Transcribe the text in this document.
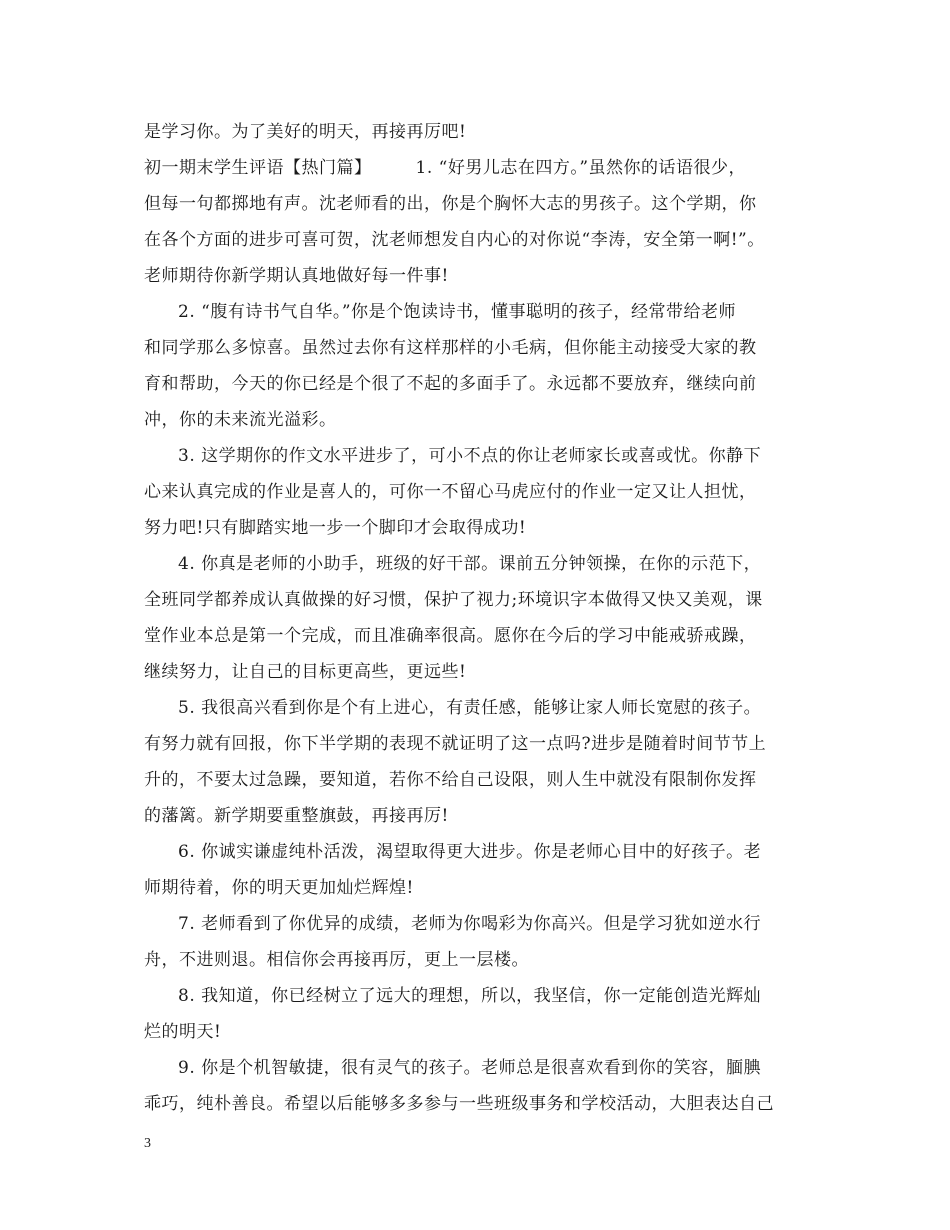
是学习你。为了美好的明天，再接再厉吧!
初一期末学生评语【热门篇】	1. “好男儿志在四方。”虽然你的话语很少，
但每一句都掷地有声。沈老师看的出，你是个胸怀大志的男孩子。这个学期，你
在各个方面的进步可喜可贺，沈老师想发自内心的对你说“李涛，安全第一啊!”。
老师期待你新学期认真地做好每一件事!
2. “腹有诗书气自华。”你是个饱读诗书，懂事聪明的孩子，经常带给老师
和同学那么多惊喜。虽然过去你有这样那样的小毛病，但你能主动接受大家的教
育和帮助，今天的你已经是个很了不起的多面手了。永远都不要放弃，继续向前
冲，你的未来流光溢彩。
3. 这学期你的作文水平进步了，可小不点的你让老师家长或喜或忧。你静下
心来认真完成的作业是喜人的，可你一不留心马虎应付的作业一定又让人担忧，
努力吧!只有脚踏实地一步一个脚印才会取得成功!
4. 你真是老师的小助手，班级的好干部。课前五分钟领操，在你的示范下，
全班同学都养成认真做操的好习惯，保护了视力;环境识字本做得又快又美观，课
堂作业本总是第一个完成，而且准确率很高。愿你在今后的学习中能戒骄戒躁，
继续努力，让自己的目标更高些，更远些!
5. 我很高兴看到你是个有上进心，有责任感，能够让家人师长宽慰的孩子。
有努力就有回报，你下半学期的表现不就证明了这一点吗?进步是随着时间节节上
升的，不要太过急躁，要知道，若你不给自己设限，则人生中就没有限制你发挥
的藩篱。新学期要重整旗鼓，再接再厉!
6. 你诚实谦虚纯朴活泼，渴望取得更大进步。你是老师心目中的好孩子。老
师期待着，你的明天更加灿烂辉煌!
7. 老师看到了你优异的成绩，老师为你喝彩为你高兴。但是学习犹如逆水行
舟，不进则退。相信你会再接再厉，更上一层楼。
8. 我知道，你已经树立了远大的理想，所以，我坚信，你一定能创造光辉灿
烂的明天!
9. 你是个机智敏捷，很有灵气的孩子。老师总是很喜欢看到你的笑容，腼腆
乖巧，纯朴善良。希望以后能够多多参与一些班级事务和学校活动，大胆表达自己
3
